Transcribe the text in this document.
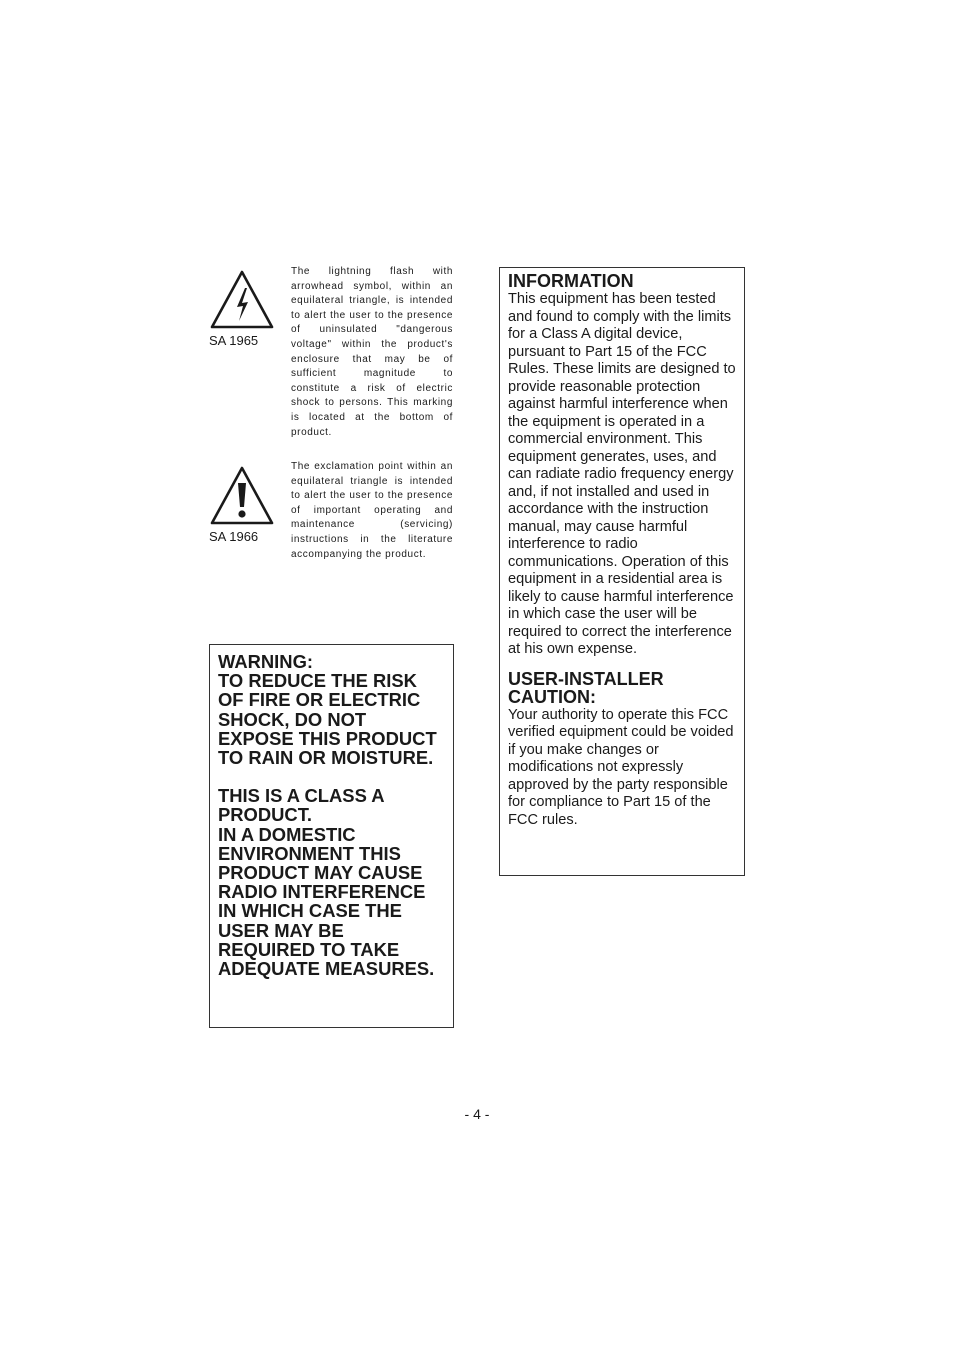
SA 1965
The lightning flash with arrowhead symbol, within an equilateral triangle, is intended to alert the user to the presence of uninsulated "dangerous voltage" within the product's enclosure that may be of sufficient magnitude to constitute a risk of electric shock to persons. This marking is located at the bottom of product.
SA 1966
The exclamation point within an equilateral triangle is intended to alert the user to the presence of important operating and maintenance (servicing) instructions in the literature accompanying the product.

WARNING:

TO REDUCE THE RISK OF FIRE OR ELECTRIC SHOCK, DO NOT EXPOSE THIS PRODUCT TO RAIN OR MOISTURE.

THIS IS A CLASS A PRODUCT.

IN A DOMESTIC ENVIRONMENT THIS PRODUCT MAY CAUSE RADIO INTERFERENCE IN WHICH CASE THE USER MAY BE REQUIRED TO TAKE ADEQUATE MEASURES.

INFORMATION

This equipment has been tested and found to comply with the limits for a Class A digital device, pursuant to Part 15 of the FCC Rules. These limits are designed to provide reasonable protection against harmful interference when the equipment is operated in a commercial environment. This equipment generates, uses, and can radiate radio frequency energy and, if not installed and used in accordance with the instruction manual, may cause harmful interference to radio communications. Operation of this equipment in a residential area is likely to cause harmful interference in which case the user will be required to correct the interference at his own expense.

USER-INSTALLER CAUTION:

Your authority to operate this FCC verified equipment could be voided if you make changes or modifications not expressly approved by the party responsible for compliance to Part 15 of the FCC rules.

- 4 -
